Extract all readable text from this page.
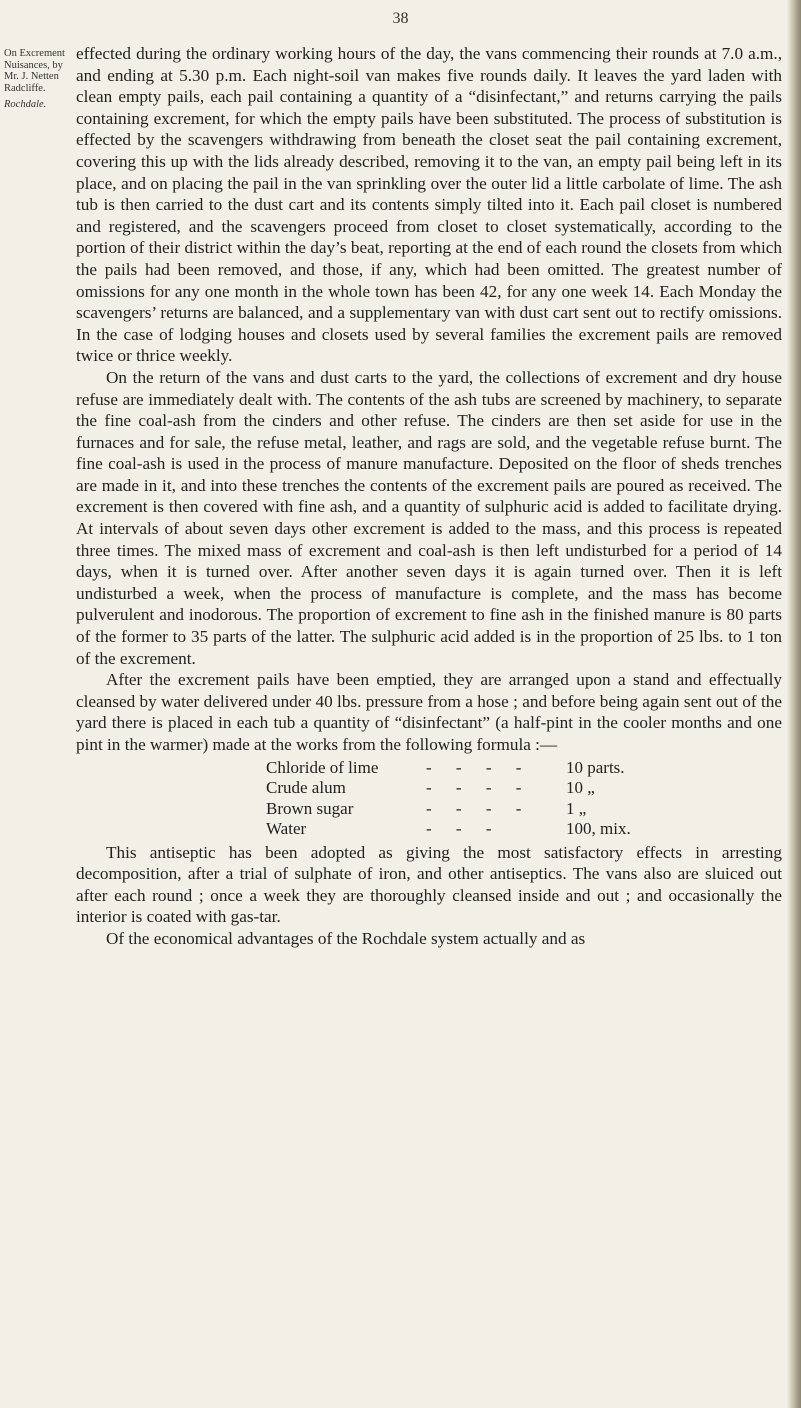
38
On Excrement
Nuisances, by
Mr. J. Netten
Radcliffe.
Rochdale.

effected during the ordinary working hours of the day, the vans commencing their rounds at 7.0 a.m., and ending at 5.30 p.m. Each night-soil van makes five rounds daily. It leaves the yard laden with clean empty pails, each pail containing a quantity of a “disinfectant,” and returns carrying the pails containing excrement, for which the empty pails have been substituted. The process of substitution is effected by the scavengers withdrawing from beneath the closet seat the pail containing excrement, covering this up with the lids already described, removing it to the van, an empty pail being left in its place, and on placing the pail in the van sprinkling over the outer lid a little carbolate of lime. The ash tub is then carried to the dust cart and its contents simply tilted into it. Each pail closet is numbered and registered, and the scavengers proceed from closet to closet systematically, according to the portion of their district within the day’s beat, reporting at the end of each round the closets from which the pails had been removed, and those, if any, which had been omitted. The greatest number of omissions for any one month in the whole town has been 42, for any one week 14. Each Monday the scavengers’ returns are balanced, and a supplementary van with dust cart sent out to rectify omissions. In the case of lodging houses and closets used by several families the excrement pails are removed twice or thrice weekly.

On the return of the vans and dust carts to the yard, the collections of excrement and dry house refuse are immediately dealt with. The contents of the ash tubs are screened by machinery, to separate the fine coal-ash from the cinders and other refuse. The cinders are then set aside for use in the furnaces and for sale, the refuse metal, leather, and rags are sold, and the vegetable refuse burnt. The fine coal-ash is used in the process of manure manufacture. Deposited on the floor of sheds trenches are made in it, and into these trenches the contents of the excrement pails are poured as received. The excrement is then covered with fine ash, and a quantity of sulphuric acid is added to facilitate drying. At intervals of about seven days other excrement is added to the mass, and this process is repeated three times. The mixed mass of excrement and coal-ash is then left undisturbed for a period of 14 days, when it is turned over. After another seven days it is again turned over. Then it is left undisturbed a week, when the process of manufacture is complete, and the mass has become pulverulent and inodorous. The proportion of excrement to fine ash in the finished manure is 80 parts of the former to 35 parts of the latter. The sulphuric acid added is in the proportion of 25 lbs. to 1 ton of the excrement.

After the excrement pails have been emptied, they are arranged upon a stand and effectually cleansed by water delivered under 40 lbs. pressure from a hose ; and before being again sent out of the yard there is placed in each tub a quantity of “disinfectant” (a half-pint in the cooler months and one pint in the warmer) made at the works from the following formula :—

Chloride of lime	- - - -	10 parts.
Crude alum	- - - -	10 „
Brown sugar	- - - -	1 „
Water	- - -	100, mix.

This antiseptic has been adopted as giving the most satisfactory effects in arresting decomposition, after a trial of sulphate of iron, and other antiseptics. The vans also are sluiced out after each round ; once a week they are thoroughly cleansed inside and out ; and occasionally the interior is coated with gas-tar.

Of the economical advantages of the Rochdale system actually and as
